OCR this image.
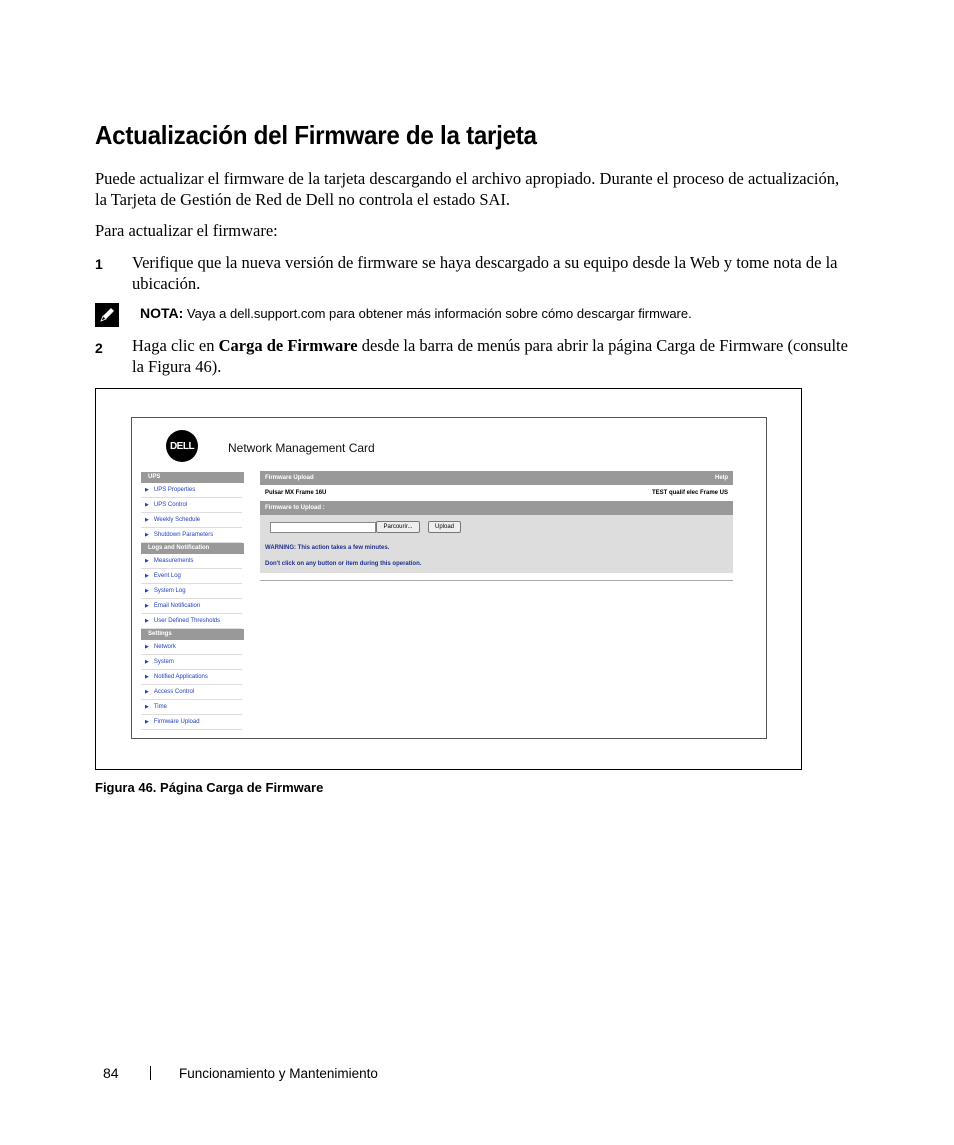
Actualización del Firmware de la tarjeta
Puede actualizar el firmware de la tarjeta descargando el archivo apropiado. Durante el proceso de actualización, la Tarjeta de Gestión de Red de Dell no controla el estado SAI.
Para actualizar el firmware:
1 Verifique que la nueva versión de firmware se haya descargado a su equipo desde la Web y tome nota de la ubicación.
NOTA: Vaya a dell.support.com para obtener más información sobre cómo descargar firmware.
2 Haga clic en Carga de Firmware desde la barra de menús para abrir la página Carga de Firmware (consulte la Figura 46).
DELL	Network Management Card
UPS
▶ UPS Properties
▶ UPS Control
▶ Weekly Schedule
▶ Shutdown Parameters
Logs and Notification
▶ Measurements
▶ Event Log
▶ System Log
▶ Email Notification
▶ User Defined Thresholds
Settings
▶ Network
▶ System
▶ Notified Applications
▶ Access Control
▶ Time
▶ Firmware Upload
Firmware Upload	Help
Pulsar MX Frame 16U	TEST qualif elec Frame US
Firmware to Upload :
Parcourir...	Upload
WARNING: This action takes a few minutes.
Don't click on any button or item during this operation.
Figura 46. Página Carga de Firmware
84	Funcionamiento y Mantenimiento
